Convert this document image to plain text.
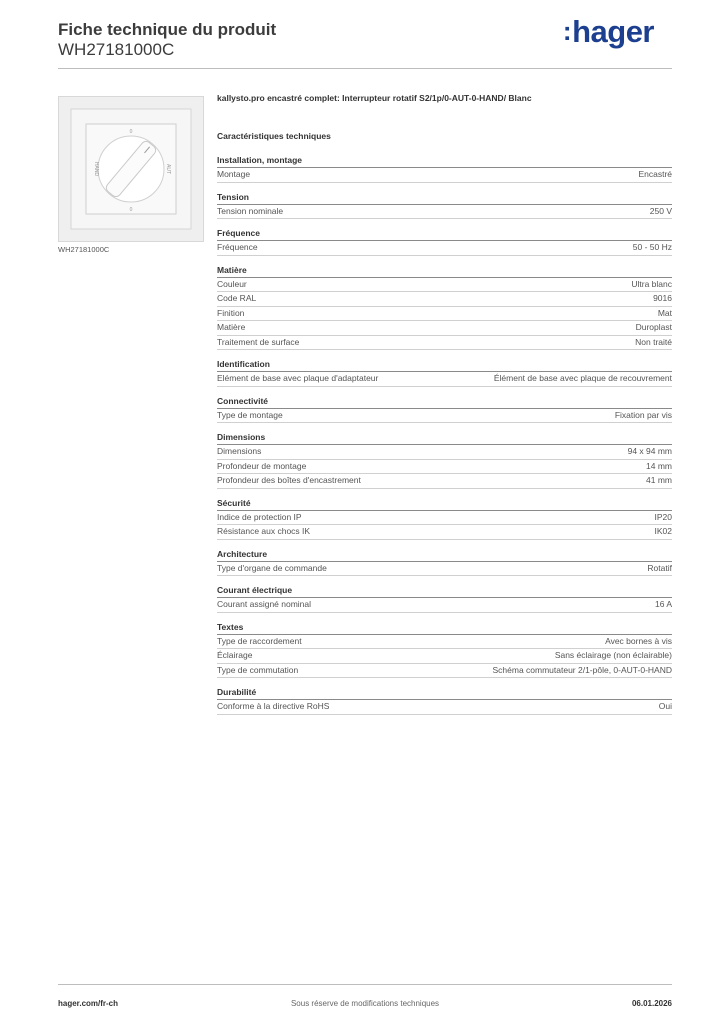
Fiche technique du produit
WH27181000C
:hager
0
0
HAND	AUT
WH27181000C
kallysto.pro encastré complet: Interrupteur rotatif S2/1p/0-AUT-0-HAND/ Blanc
Caractéristiques techniques
Installation, montage
Montage	Encastré
Tension
Tension nominale	250 V
Fréquence
Fréquence	50 - 50 Hz
Matière
Couleur	Ultra blanc
Code RAL	9016
Finition	Mat
Matière	Duroplast
Traitement de surface	Non traité
Identification
Elément de base avec plaque d'adaptateur	Élément de base avec plaque de recouvrement
Connectivité
Type de montage	Fixation par vis
Dimensions
Dimensions	94 x 94 mm
Profondeur de montage	14 mm
Profondeur des boîtes d'encastrement	41 mm
Sécurité
Indice de protection IP	IP20
Résistance aux chocs IK	IK02
Architecture
Type d'organe de commande	Rotatif
Courant électrique
Courant assigné nominal	16 A
Textes
Type de raccordement	Avec bornes à vis
Éclairage	Sans éclairage (non éclairable)
Type de commutation	Schéma commutateur 2/1-pôle, 0-AUT-0-HAND
Durabilité
Conforme à la directive RoHS	Oui
hager.com/fr-ch	Sous réserve de modifications techniques	06.01.2026
